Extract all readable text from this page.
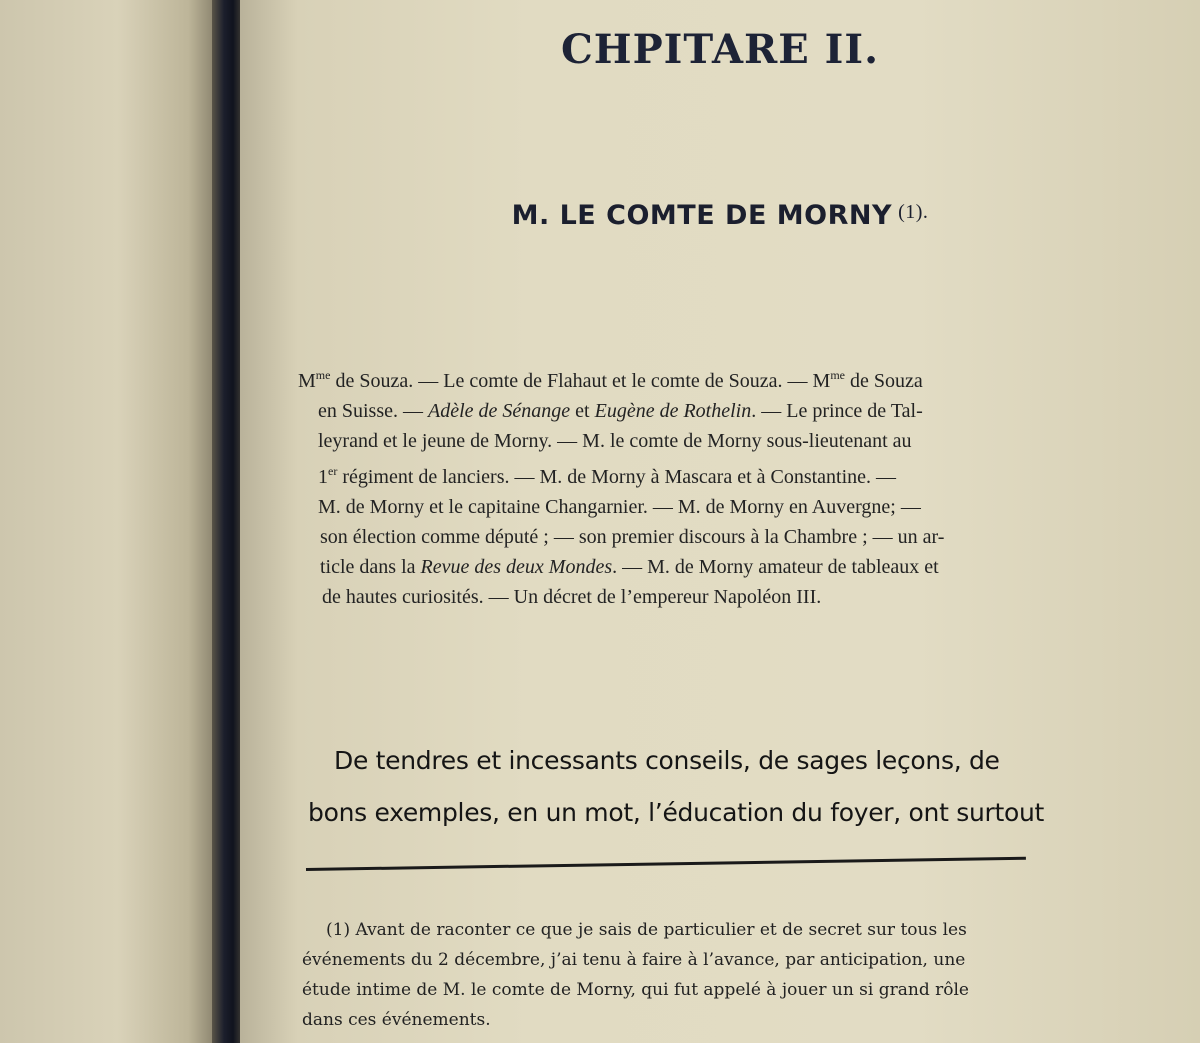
CHPITARE II.
M. LE COMTE DE MORNY $^{(1).}$
$M^{me}$ de Souza. — Le comte de Flahaut et le comte de Souza. — $M^{me}$ de Souza
en Suisse. — Adèle de Sénange et Eugène de Rothelin. — Le prince de Tal-
leyrand et le jeune de Morny. — M. le comte de Morny sous-lieutenant au
1er régiment de lanciers. — M. de Morny à Mascara et à Constantine. —
M. de Morny et le capitaine Changarnier. — M. de Morny en Auvergne; —
son élection comme député ; — son premier discours à la Chambre ; — un ar-
ticle dans la Revue des deux Mondes. — M. de Morny amateur de tableaux et
de hautes curiosités. — Un décret de l’empereur Napoléon III.
De tendres et incessants conseils, de sages leçons, de
bons exemples, en un mot, l’éducation du foyer, ont surtout
(1) Avant de raconter ce que je sais de particulier et de secret sur tous les
événements du 2 décembre, j’ai tenu à faire à l’avance, par anticipation, une
étude intime de M. le comte de Morny, qui fut appelé à jouer un si grand rôle
dans ces événements.
